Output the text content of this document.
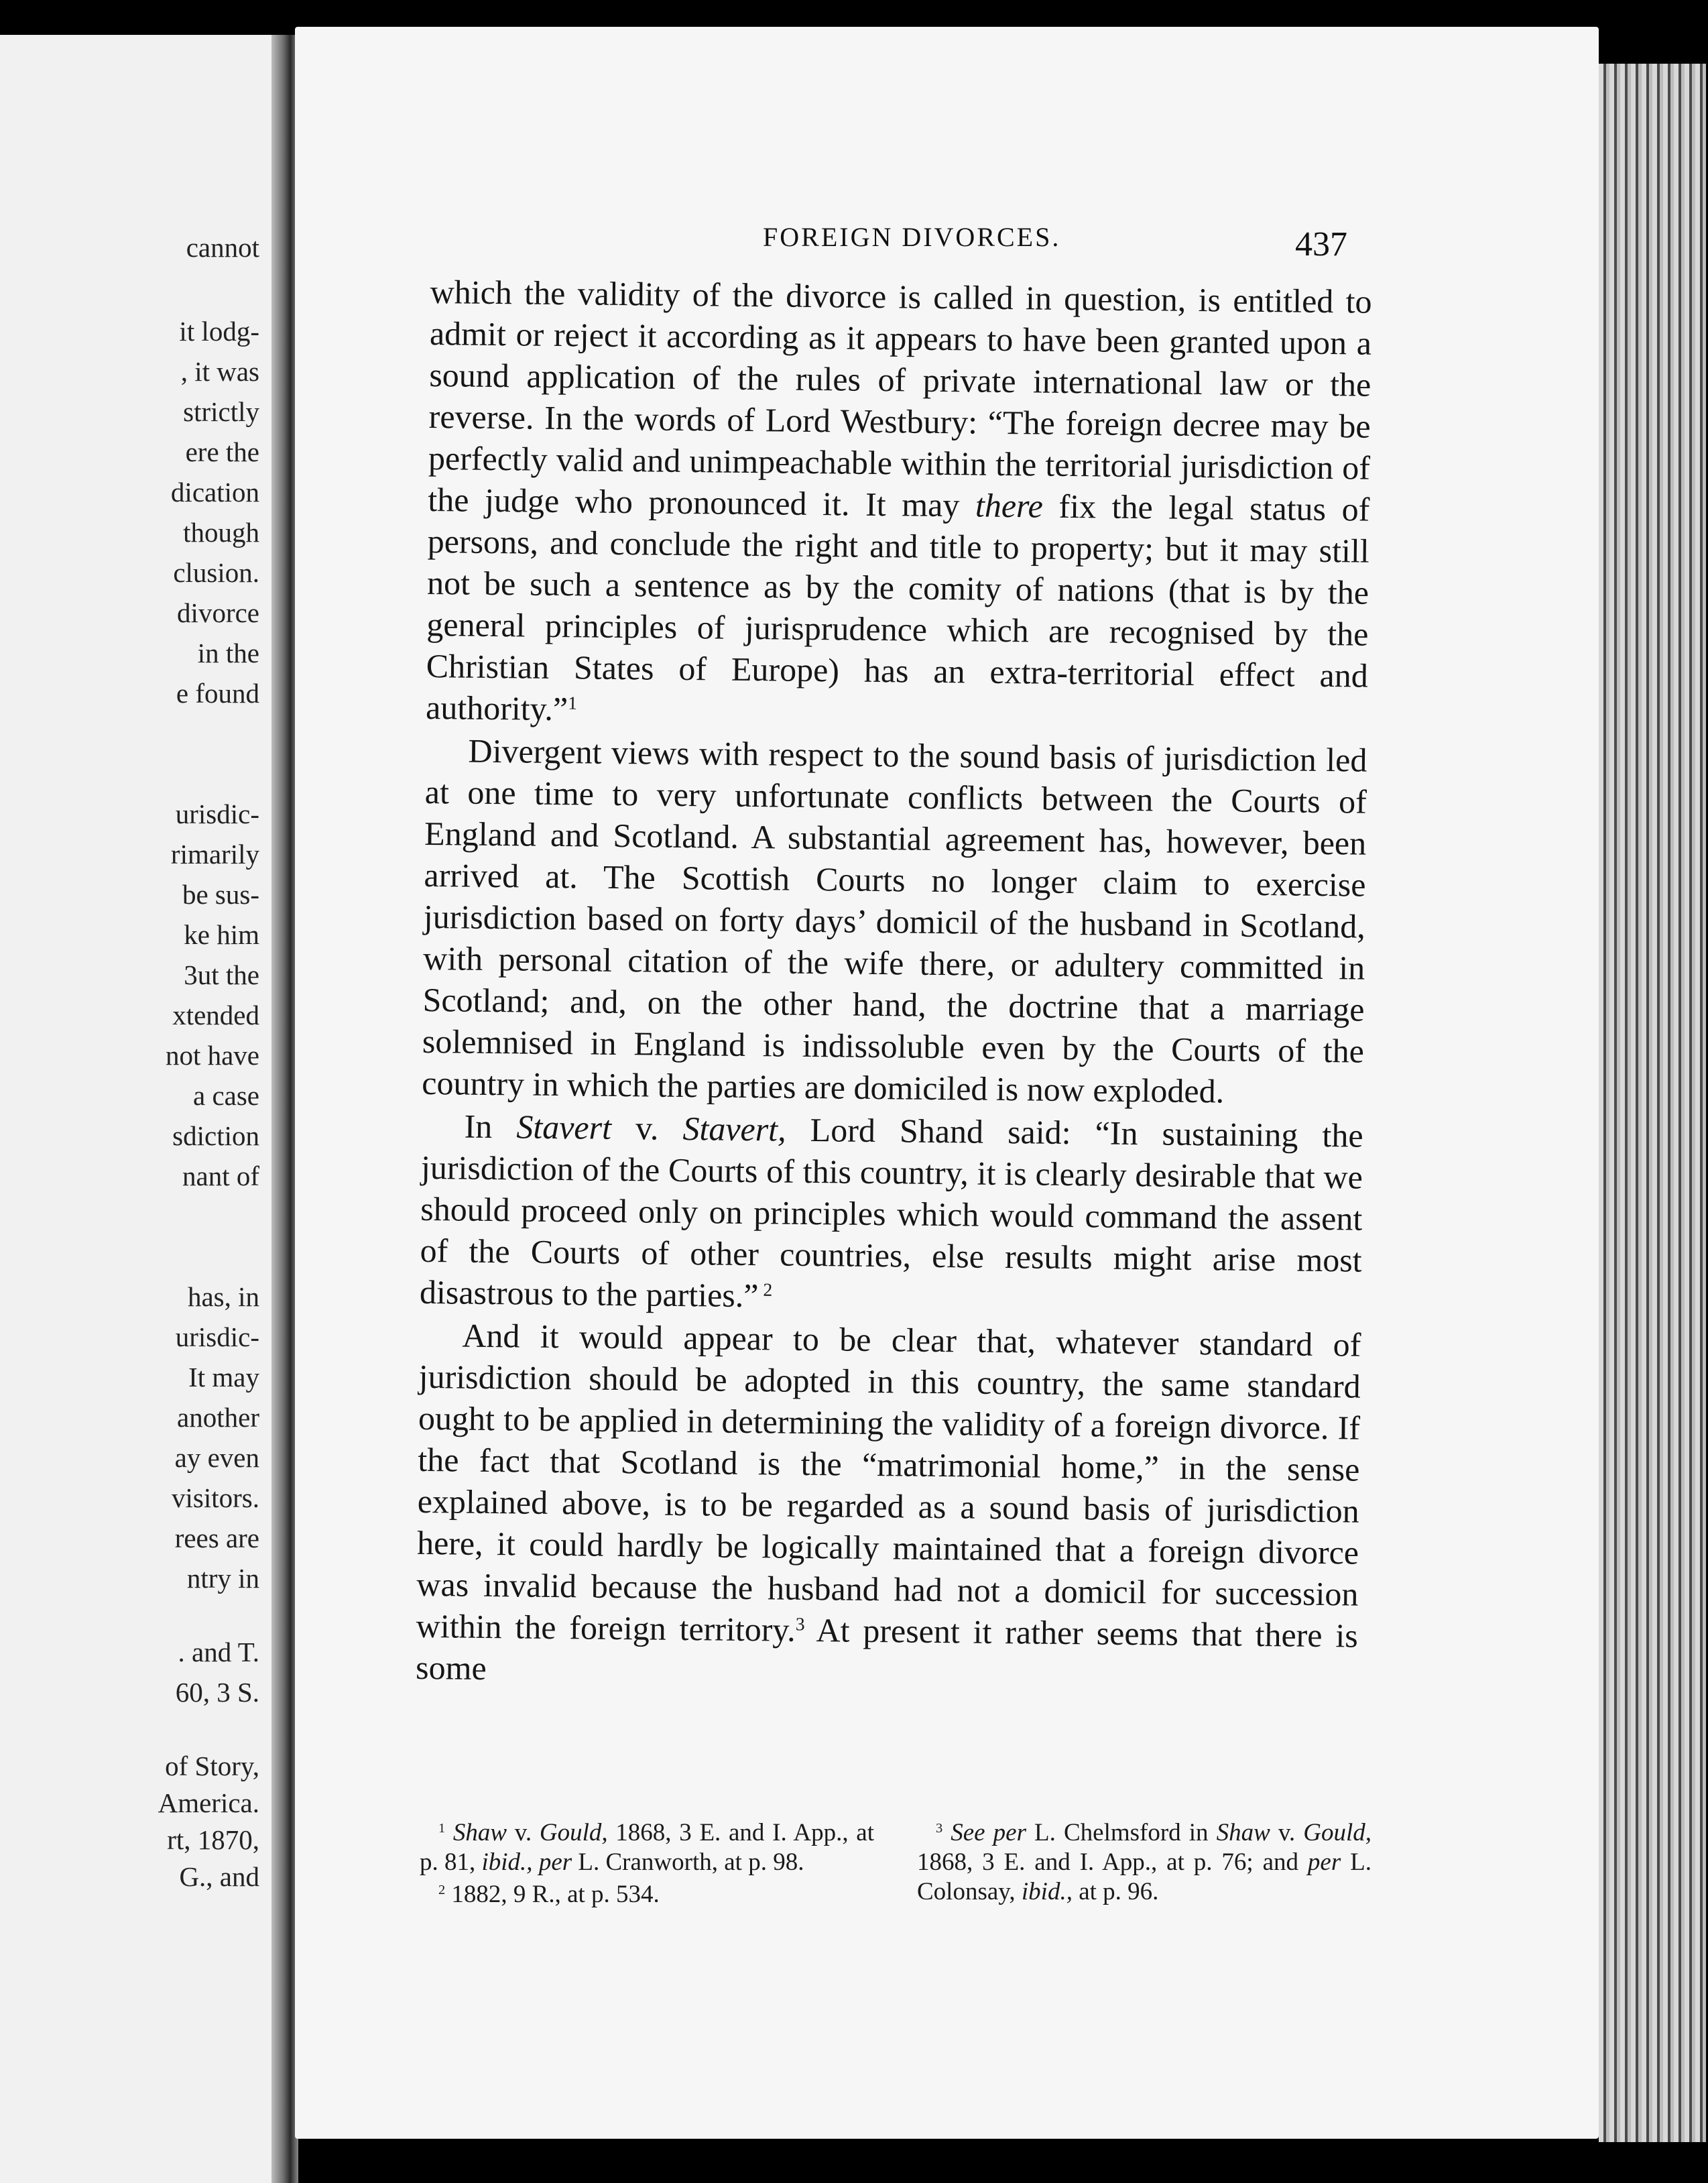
cannot
it lodg-
, it was
strictly
ere the
dication
though
clusion.
divorce
in the
e found
urisdic-
rimarily
be sus-
ke him
3ut the
xtended
not have
a case
sdiction
nant of
has, in
urisdic-
It may
another
ay even
visitors.
rees are
ntry in
. and T.
60, 3 S.
of Story,
America.
rt, 1870,
G., and
FOREIGN DIVORCES.	437

which the validity of the divorce is called in question, is entitled to admit or reject it according as it appears to have been granted upon a sound application of the rules of private international law or the reverse. In the words of Lord Westbury: “The foreign decree may be perfectly valid and unimpeachable within the territorial jurisdiction of the judge who pronounced it. It may there fix the legal status of persons, and conclude the right and title to property; but it may still not be such a sentence as by the comity of nations (that is by the general principles of jurisprudence which are recognised by the Christian States of Europe) has an extra-territorial effect and authority.”$^1$

Divergent views with respect to the sound basis of jurisdiction led at one time to very unfortunate conflicts between the Courts of England and Scotland. A substantial agreement has, however, been arrived at. The Scottish Courts no longer claim to exercise jurisdiction based on forty days’ domicil of the husband in Scotland, with personal citation of the wife there, or adultery committed in Scotland; and, on the other hand, the doctrine that a marriage solemnised in England is indissoluble even by the Courts of the country in which the parties are domiciled is now exploded.

In Stavert v. Stavert, Lord Shand said: “In sustaining the jurisdiction of the Courts of this country, it is clearly desirable that we should proceed only on principles which would command the assent of the Courts of other countries, else results might arise most disastrous to the parties.” $^2$

And it would appear to be clear that, whatever standard of jurisdiction should be adopted in this country, the same standard ought to be applied in determining the validity of a foreign divorce. If the fact that Scotland is the “matrimonial home,” in the sense explained above, is to be regarded as a sound basis of jurisdiction here, it could hardly be logically maintained that a foreign divorce was invalid because the husband had not a domicil for succession within the foreign territory.$^3$ At present it rather seems that there is some

$^1$ Shaw v. Gould, 1868, 3 E. and I. App., at p. 81, ibid., per L. Cranworth, at p. 98.

$^2$ 1882, 9 R., at p. 534.

$^3$ See per L. Chelmsford in Shaw v. Gould, 1868, 3 E. and I. App., at p. 76; and per L. Colonsay, ibid., at p. 96.
